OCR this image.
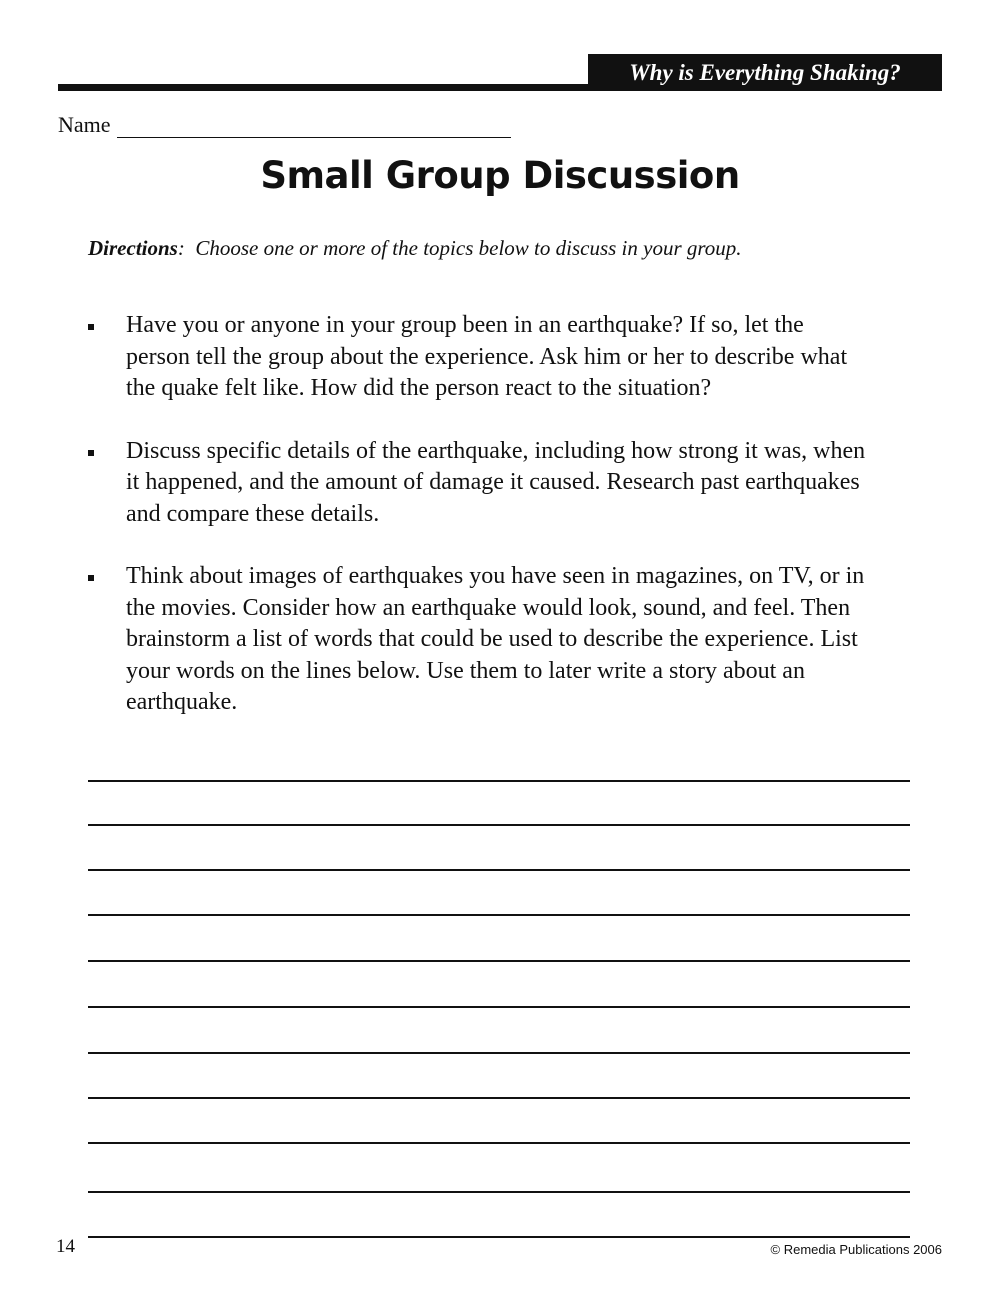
Why is Everything Shaking?
Name
Small Group Discussion
Directions: Choose one or more of the topics below to discuss in your group.
Have you or anyone in your group been in an earthquake? If so, let the person tell the group about the experience. Ask him or her to describe what the quake felt like. How did the person react to the situation?
Discuss specific details of the earthquake, including how strong it was, when it happened, and the amount of damage it caused. Research past earthquakes and compare these details.
Think about images of earthquakes you have seen in magazines, on TV, or in the movies. Consider how an earthquake would look, sound, and feel. Then brainstorm a list of words that could be used to describe the experience. List your words on the lines below. Use them to later write a story about an earthquake.
14	© Remedia Publications 2006
